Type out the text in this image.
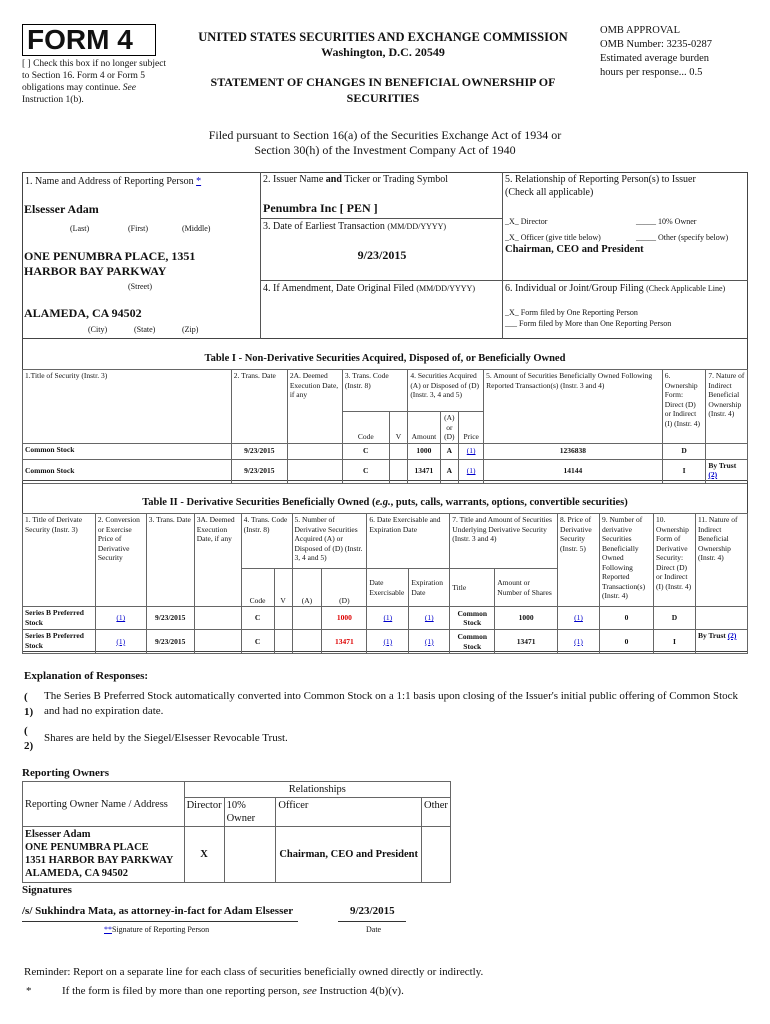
FORM 4
[ ] Check this box if no longer subject to Section 16. Form 4 or Form 5 obligations may continue. See Instruction 1(b).
UNITED STATES SECURITIES AND EXCHANGE COMMISSION
Washington, D.C. 20549
STATEMENT OF CHANGES IN BENEFICIAL OWNERSHIP OF SECURITIES
OMB APPROVAL
OMB Number: 3235-0287
Estimated average burden
hours per response... 0.5
Filed pursuant to Section 16(a) of the Securities Exchange Act of 1934 or
Section 30(h) of the Investment Company Act of 1940
1. Name and Address of Reporting Person *
Elsesser Adam
(Last)	(First)	(Middle)
ONE PENUMBRA PLACE, 1351 HARBOR BAY PARKWAY
(Street)
ALAMEDA, CA 94502
(City)	(State)	(Zip)
2. Issuer Name and Ticker or Trading Symbol
Penumbra Inc [ PEN ]
3. Date of Earliest Transaction (MM/DD/YYYY)
9/23/2015
4. If Amendment, Date Original Filed (MM/DD/YYYY)
5. Relationship of Reporting Person(s) to Issuer
(Check all applicable)
_X_ Director	_____ 10% Owner
_X_ Officer (give title below)	_____ Other (specify below)
Chairman, CEO and President
6. Individual or Joint/Group Filing (Check Applicable Line)
_X_ Form filed by One Reporting Person
___ Form filed by More than One Reporting Person
Table I - Non-Derivative Securities Acquired, Disposed of, or Beneficially Owned
1.Title of Security (Instr. 3)	2. Trans. Date	2A. Deemed Execution Date, if any	3. Trans. Code (Instr. 8)		4. Securities Acquired (A) or Disposed of (D) (Instr. 3, 4 and 5)			5. Amount of Securities Beneficially Owned Following Reported Transaction(s) (Instr. 3 and 4)	6. Ownership Form: Direct (D) or Indirect (I) (Instr. 4)	7. Nature of Indirect Beneficial Ownership (Instr. 4)
			Code	V	Amount	(A) or (D)	Price			
Common Stock	9/23/2015		C		1000	A	(1)	1236838	D	
Common Stock	9/23/2015		C		13471	A	(1)	14144	I	By Trust (2)
Table II - Derivative Securities Beneficially Owned (e.g., puts, calls, warrants, options, convertible securities)
1. Title of Derivate Security (Instr. 3)	2. Conversion or Exercise Price of Derivative Security	3. Trans. Date	3A. Deemed Execution Date, if any	4. Trans. Code (Instr. 8)		5. Number of Derivative Securities Acquired (A) or Disposed of (D) (Instr. 3, 4 and 5)		6. Date Exercisable and Expiration Date		7. Title and Amount of Securities Underlying Derivative Security (Instr. 3 and 4)		8. Price of Derivative Security (Instr. 5)	9. Number of derivative Securities Beneficially Owned Following Reported Transaction(s) (Instr. 4)	10. Ownership Form of Derivative Security: Direct (D) or Indirect (I) (Instr. 4)	11. Nature of Indirect Beneficial Ownership (Instr. 4)
				Code	V	(A)	(D)	Date Exercisable	Expiration Date	Title	Amount or Number of Shares				
Series B Preferred Stock	(1)	9/23/2015		C			1000	(1)	(1)	Common Stock	1000	(1)	0	D	
Series B Preferred Stock	(1)	9/23/2015		C			13471	(1)	(1)	Common Stock	13471	(1)	0	I	By Trust (2)
Explanation of Responses:
( 1)
The Series B Preferred Stock automatically converted into Common Stock on a 1:1 basis upon closing of the Issuer's initial public offering of Common Stock and had no expiration date.
( 2)
Shares are held by the Siegel/Elsesser Revocable Trust.
Reporting Owners
Reporting Owner Name / Address	Relationships			
	Director	10% Owner	Officer	Other

Elsesser Adam
ONE PENUMBRA PLACE
1351 HARBOR BAY PARKWAY
ALAMEDA, CA 94502	X		Chairman, CEO and President	
Signatures
/s/ Sukhindra Mata, as attorney-in-fact for Adam Elsesser	9/23/2015
**Signature of Reporting Person	Date
Reminder: Report on a separate line for each class of securities beneficially owned directly or indirectly.
*	If the form is filed by more than one reporting person, see Instruction 4(b)(v).
